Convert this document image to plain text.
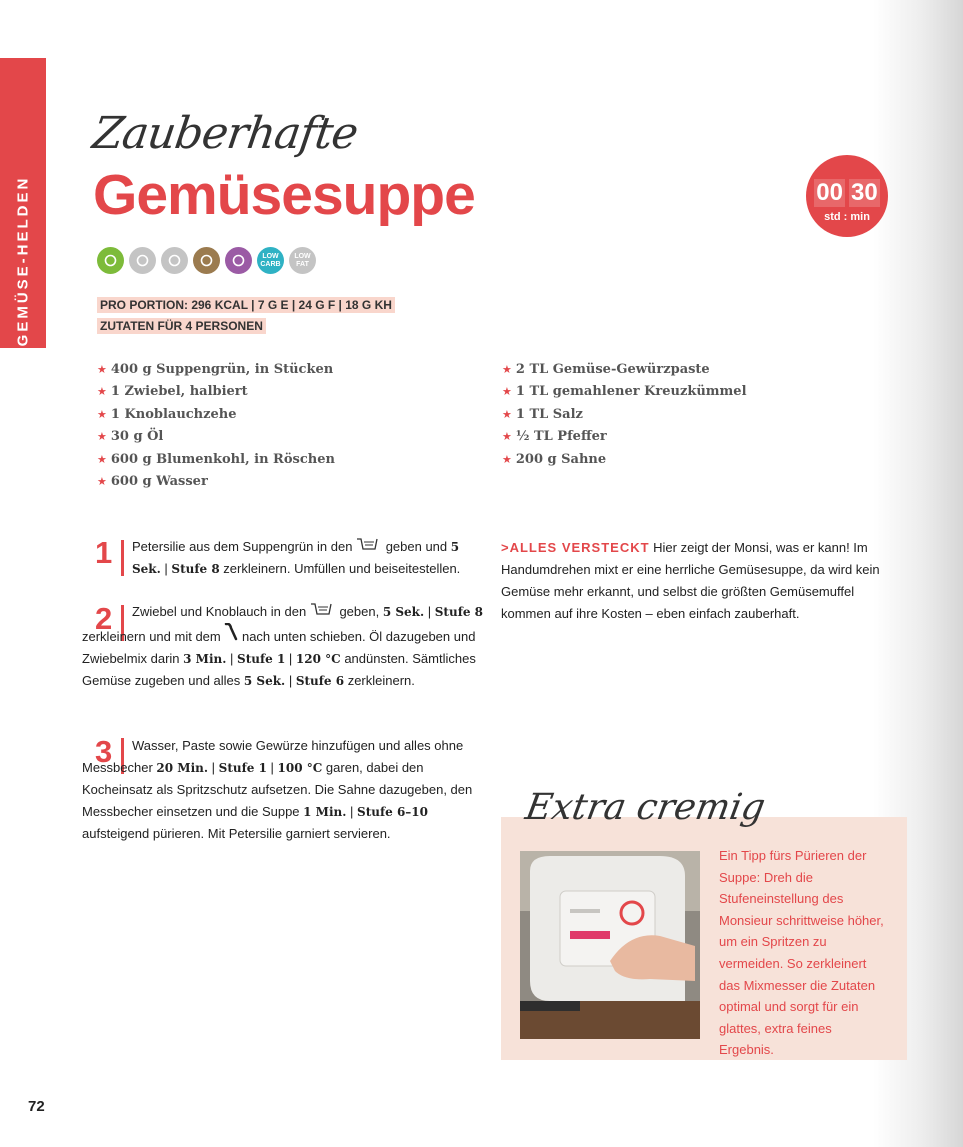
GEMÜSE-HELDEN
Zauberhafte
Gemüsesuppe	00 30
std : min
LOW CARB
LOW FAT
PRO PORTION: 296 KCAL | 7 G E | 24 G F | 18 G KH
ZUTATEN FÜR 4 PERSONEN
★ 400 g Suppengrün, in Stücken
★ 1 Zwiebel, halbiert
★ 1 Knoblauchzehe
★ 30 g Öl
★ 600 g Blumenkohl, in Röschen
★ 600 g Wasser
★ 2 TL Gemüse-Gewürzpaste
★ 1 TL gemahlener Kreuzkümmel
★ 1 TL Salz
★ ½ TL Pfeffer
★ 200 g Sahne
1 Petersilie aus dem Suppengrün in den	geben und 5 Sek. | Stufe 8 zerkleinern. Umfüllen und beiseitestellen.
2	Zwiebel und Knoblauch in den	geben, 5 Sek. | Stufe 8 zerkleinern und mit dem  nach unten schieben. Öl dazugeben und Zwiebelmix darin 3 Min. | Stufe 1 | 120 °C andünsten. Sämtliches Gemüse zugeben und alles 5 Sek. | Stufe 6 zerkleinern.
3	Wasser, Paste sowie Gewürze hinzufügen und alles ohne Messbecher 20 Min. | Stufe 1 | 100 °C garen, dabei den Kocheinsatz als Spritzschutz aufsetzen. Die Sahne dazugeben, den Messbecher einsetzen und die Suppe 1 Min. | Stufe 6–10 aufsteigend pürieren. Mit Petersilie garniert servieren.
>ALLES VERSTECKT Hier zeigt der Monsi, was er kann! Im Handumdrehen mixt er eine herrliche Gemüsesuppe, da wird kein Gemüse mehr erkannt, und selbst die größten Gemüsemuffel kommen auf ihre Kosten – eben einfach zauberhaft.
Extra cremig
Ein Tipp fürs Pürieren der Suppe: Dreh die Stufeneinstellung des Monsieur schrittweise höher, um ein Spritzen zu vermeiden. So zerkleinert das Mixmesser die Zutaten optimal und sorgt für ein glattes, extra feines Ergebnis.
72
